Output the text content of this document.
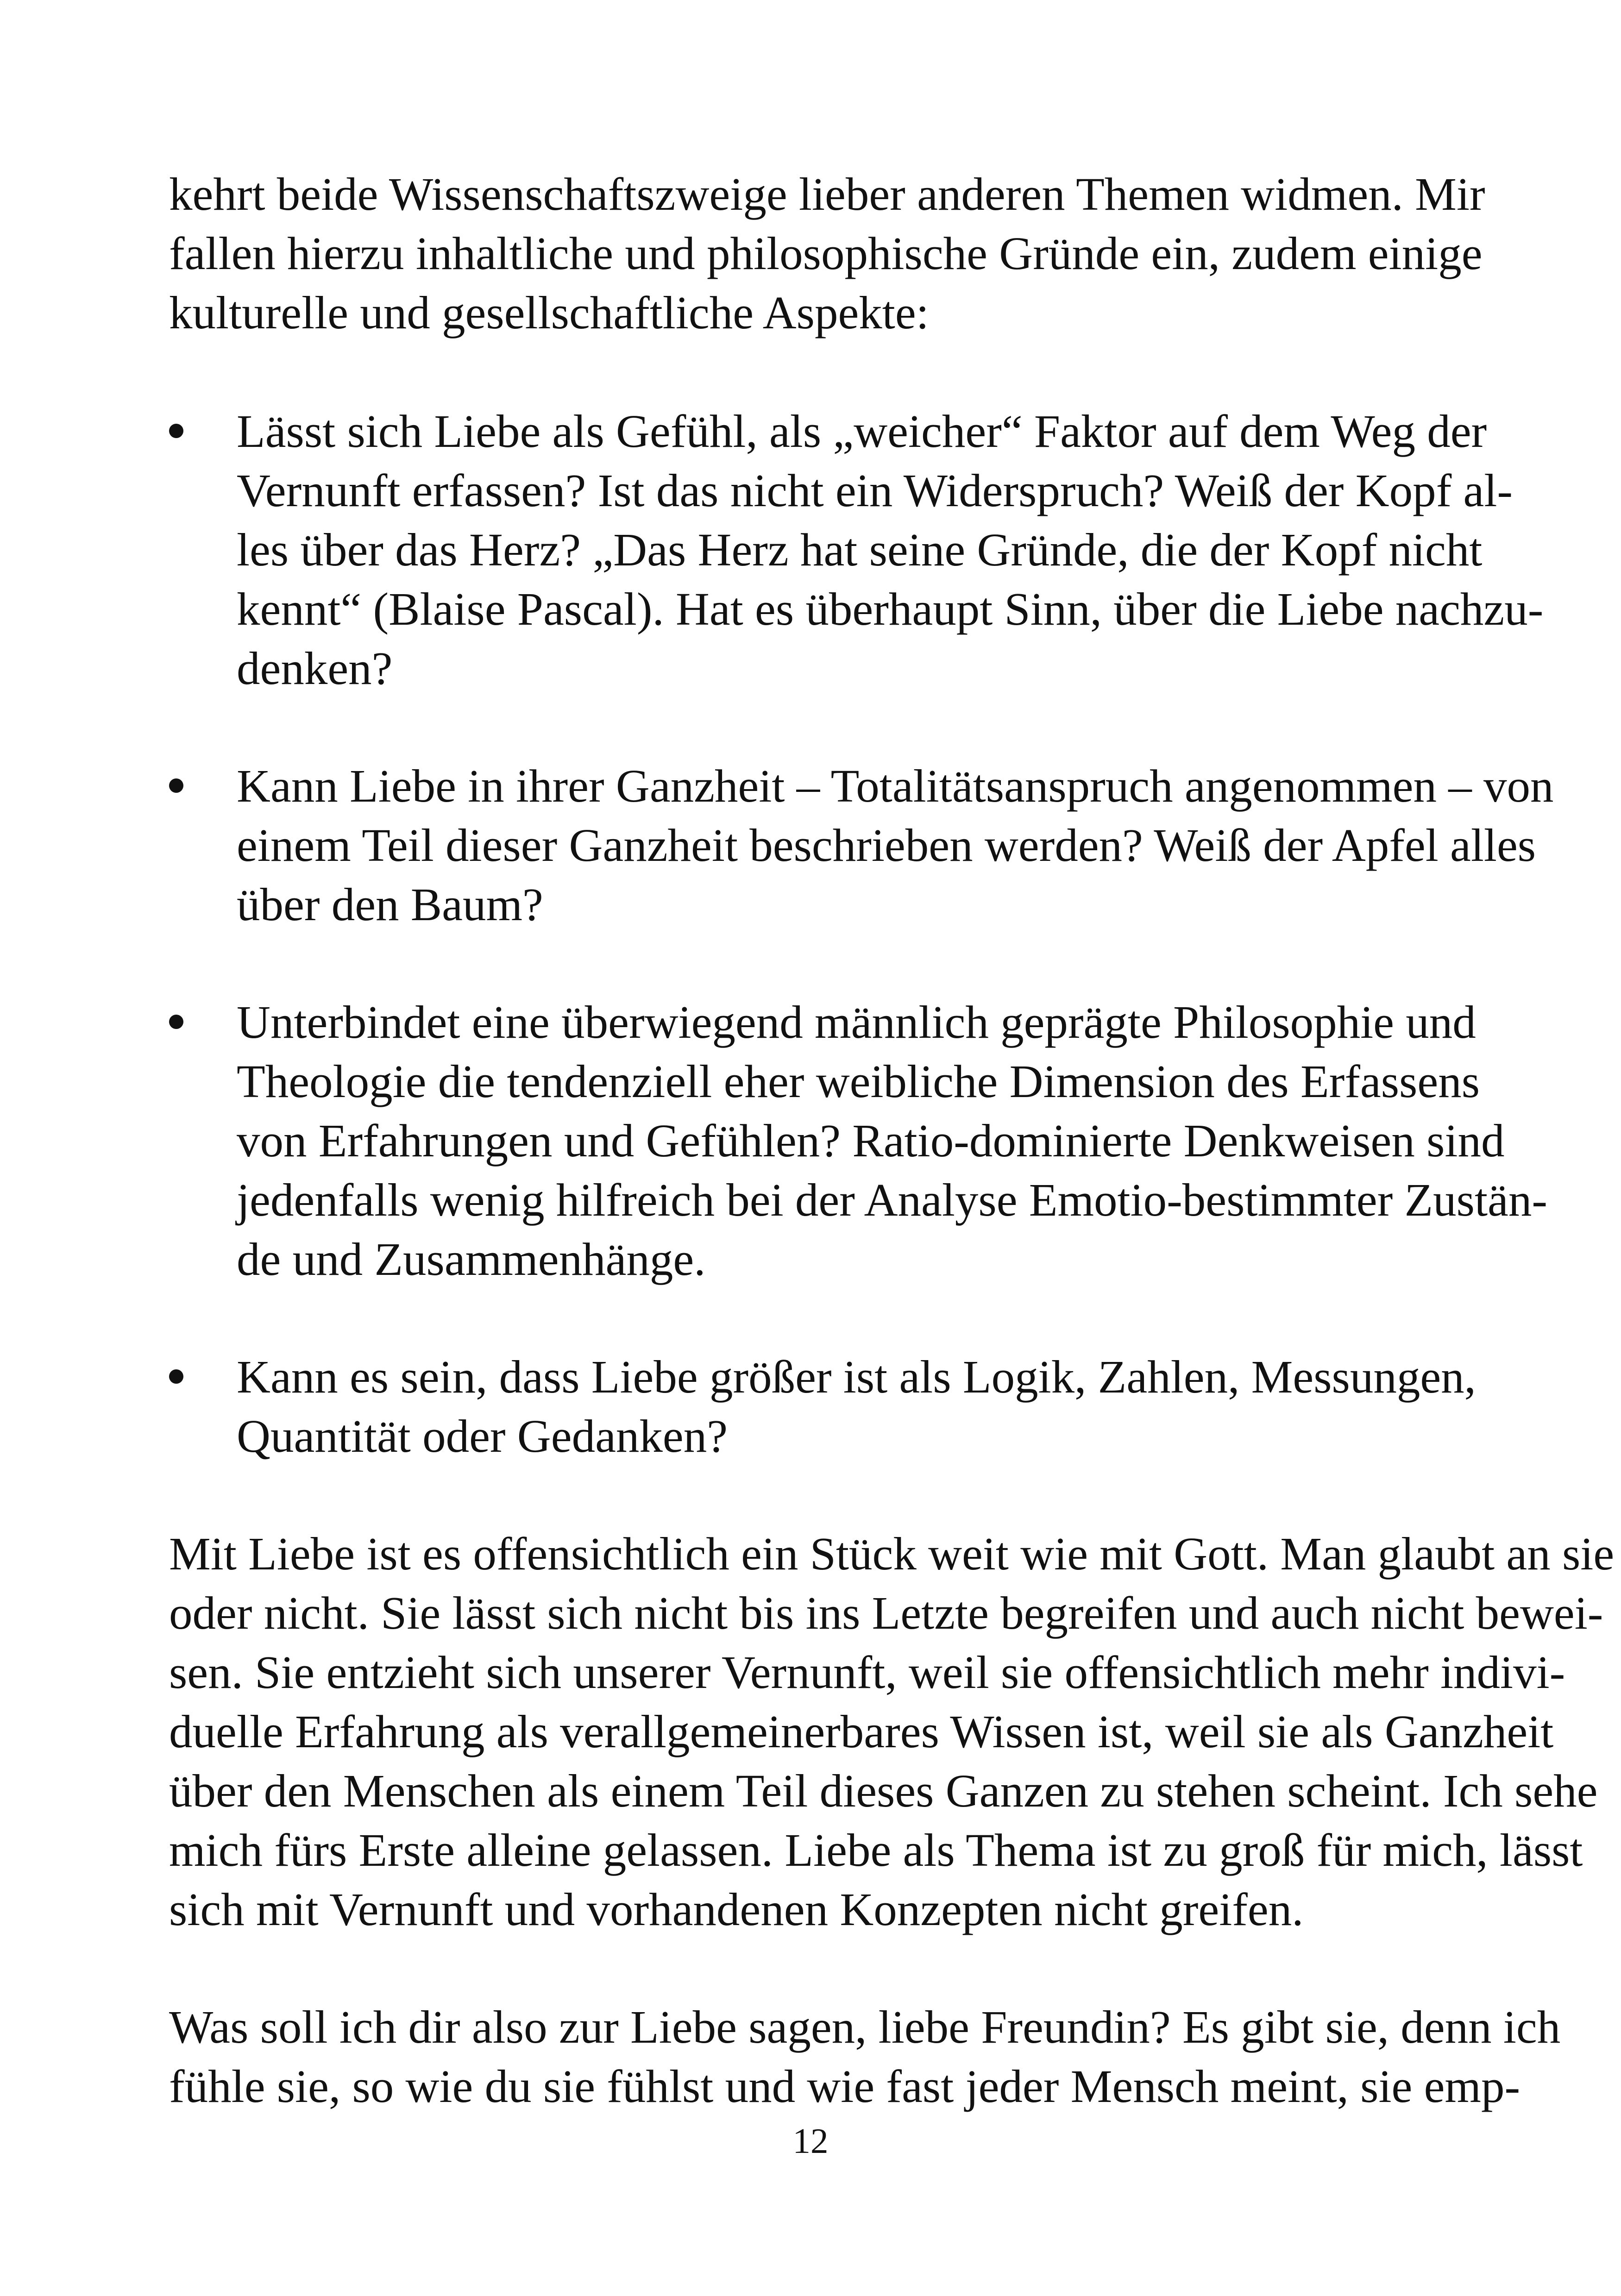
kehrt beide Wissenschaftszweige lieber anderen Themen widmen. Mir
fallen hierzu inhaltliche und philosophische Gründe ein, zudem einige
kulturelle und gesellschaftliche Aspekte:

Lässt sich Liebe als Gefühl, als „weicher“ Faktor auf dem Weg der
Vernunft erfassen? Ist das nicht ein Widerspruch? Weiß der Kopf al-
les über das Herz? „Das Herz hat seine Gründe, die der Kopf nicht
kennt“ (Blaise Pascal). Hat es überhaupt Sinn, über die Liebe nachzu-
denken?

Kann Liebe in ihrer Ganzheit – Totalitätsanspruch angenommen – von
einem Teil dieser Ganzheit beschrieben werden? Weiß der Apfel alles
über den Baum?

Unterbindet eine überwiegend männlich geprägte Philosophie und
Theologie die tendenziell eher weibliche Dimension des Erfassens
von Erfahrungen und Gefühlen? Ratio-dominierte Denkweisen sind
jedenfalls wenig hilfreich bei der Analyse Emotio-bestimmter Zustän-
de und Zusammenhänge.

Kann es sein, dass Liebe größer ist als Logik, Zahlen, Messungen,
Quantität oder Gedanken?

Mit Liebe ist es offensichtlich ein Stück weit wie mit Gott. Man glaubt an sie
oder nicht. Sie lässt sich nicht bis ins Letzte begreifen und auch nicht bewei-
sen. Sie entzieht sich unserer Vernunft, weil sie offensichtlich mehr indivi-
duelle Erfahrung als verallgemeinerbares Wissen ist, weil sie als Ganzheit
über den Menschen als einem Teil dieses Ganzen zu stehen scheint. Ich sehe
mich fürs Erste alleine gelassen. Liebe als Thema ist zu groß für mich, lässt
sich mit Vernunft und vorhandenen Konzepten nicht greifen.

Was soll ich dir also zur Liebe sagen, liebe Freundin? Es gibt sie, denn ich
fühle sie, so wie du sie fühlst und wie fast jeder Mensch meint, sie emp-

12
